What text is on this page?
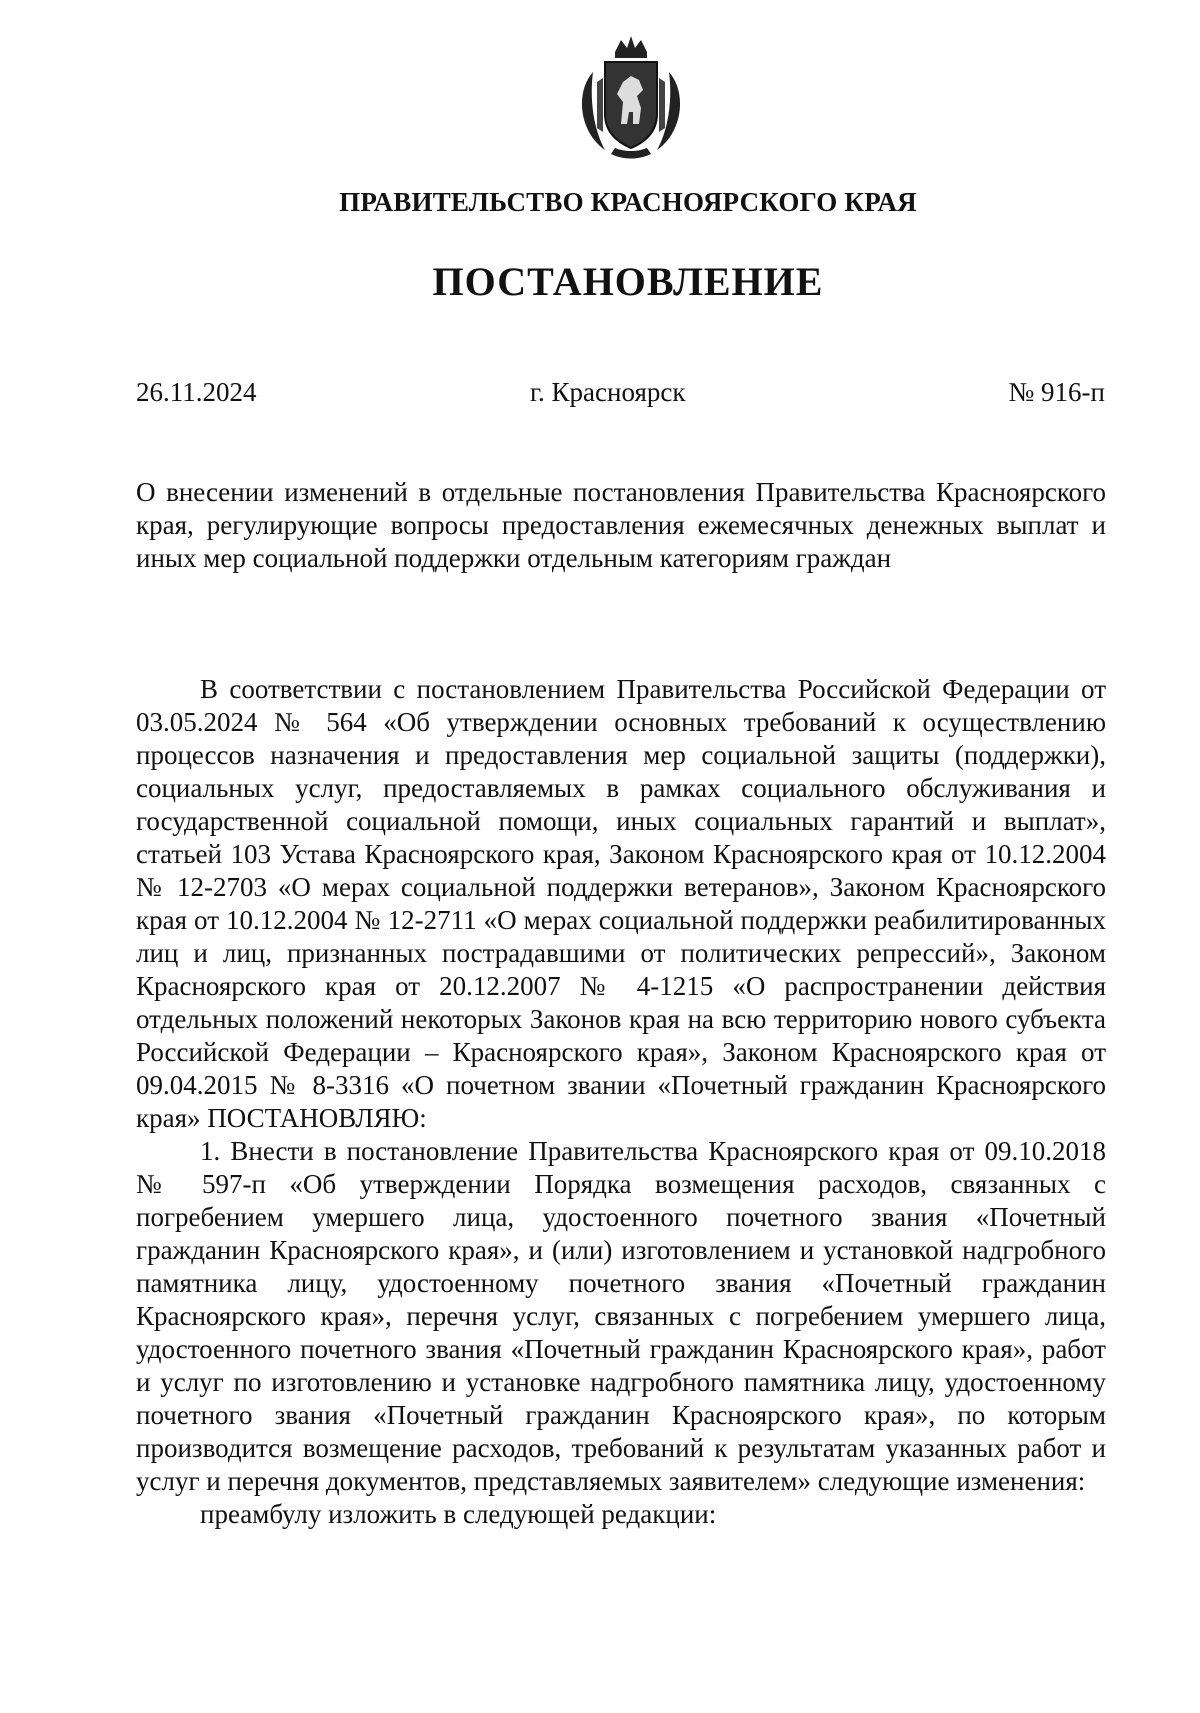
ПРАВИТЕЛЬСТВО КРАСНОЯРСКОГО КРАЯ
ПОСТАНОВЛЕНИЕ
26.11.2024	г. Красноярск	№ 916-п
О внесении изменений в отдельные постановления Правительства Красноярского края, регулирующие вопросы предоставления ежемесячных денежных выплат и иных мер социальной поддержки отдельным категориям граждан

В соответствии с постановлением Правительства Российской Федерации от 03.05.2024 № 564 «Об утверждении основных требований к осуществлению процессов назначения и предоставления мер социальной защиты (поддержки), социальных услуг, предоставляемых в рамках социального обслуживания и государственной социальной помощи, иных социальных гарантий и выплат», статьей 103 Устава Красноярского края, Законом Красноярского края от 10.12.2004 № 12-2703 «О мерах социальной поддержки ветеранов», Законом Красноярского края от 10.12.2004 № 12-2711 «О мерах социальной поддержки реабилитированных лиц и лиц, признанных пострадавшими от политических репрессий», Законом Красноярского края от 20.12.2007 № 4-1215 «О распространении действия отдельных положений некоторых Законов края на всю территорию нового субъекта Российской Федерации – Красноярского края», Законом Красноярского края от 09.04.2015 № 8-3316 «О почетном звании «Почетный гражданин Красноярского края» ПОСТАНОВЛЯЮ:

1. Внести в постановление Правительства Красноярского края от 09.10.2018 № 597-п «Об утверждении Порядка возмещения расходов, связанных с погребением умершего лица, удостоенного почетного звания «Почетный гражданин Красноярского края», и (или) изготовлением и установкой надгробного памятника лицу, удостоенному почетного звания «Почетный гражданин Красноярского края», перечня услуг, связанных с погребением умершего лица, удостоенного почетного звания «Почетный гражданин Красноярского края», работ и услуг по изготовлению и установке надгробного памятника лицу, удостоенному почетного звания «Почетный гражданин Красноярского края», по которым производится возмещение расходов, требований к результатам указанных работ и услуг и перечня документов, представляемых заявителем» следующие изменения:

преамбулу изложить в следующей редакции:
